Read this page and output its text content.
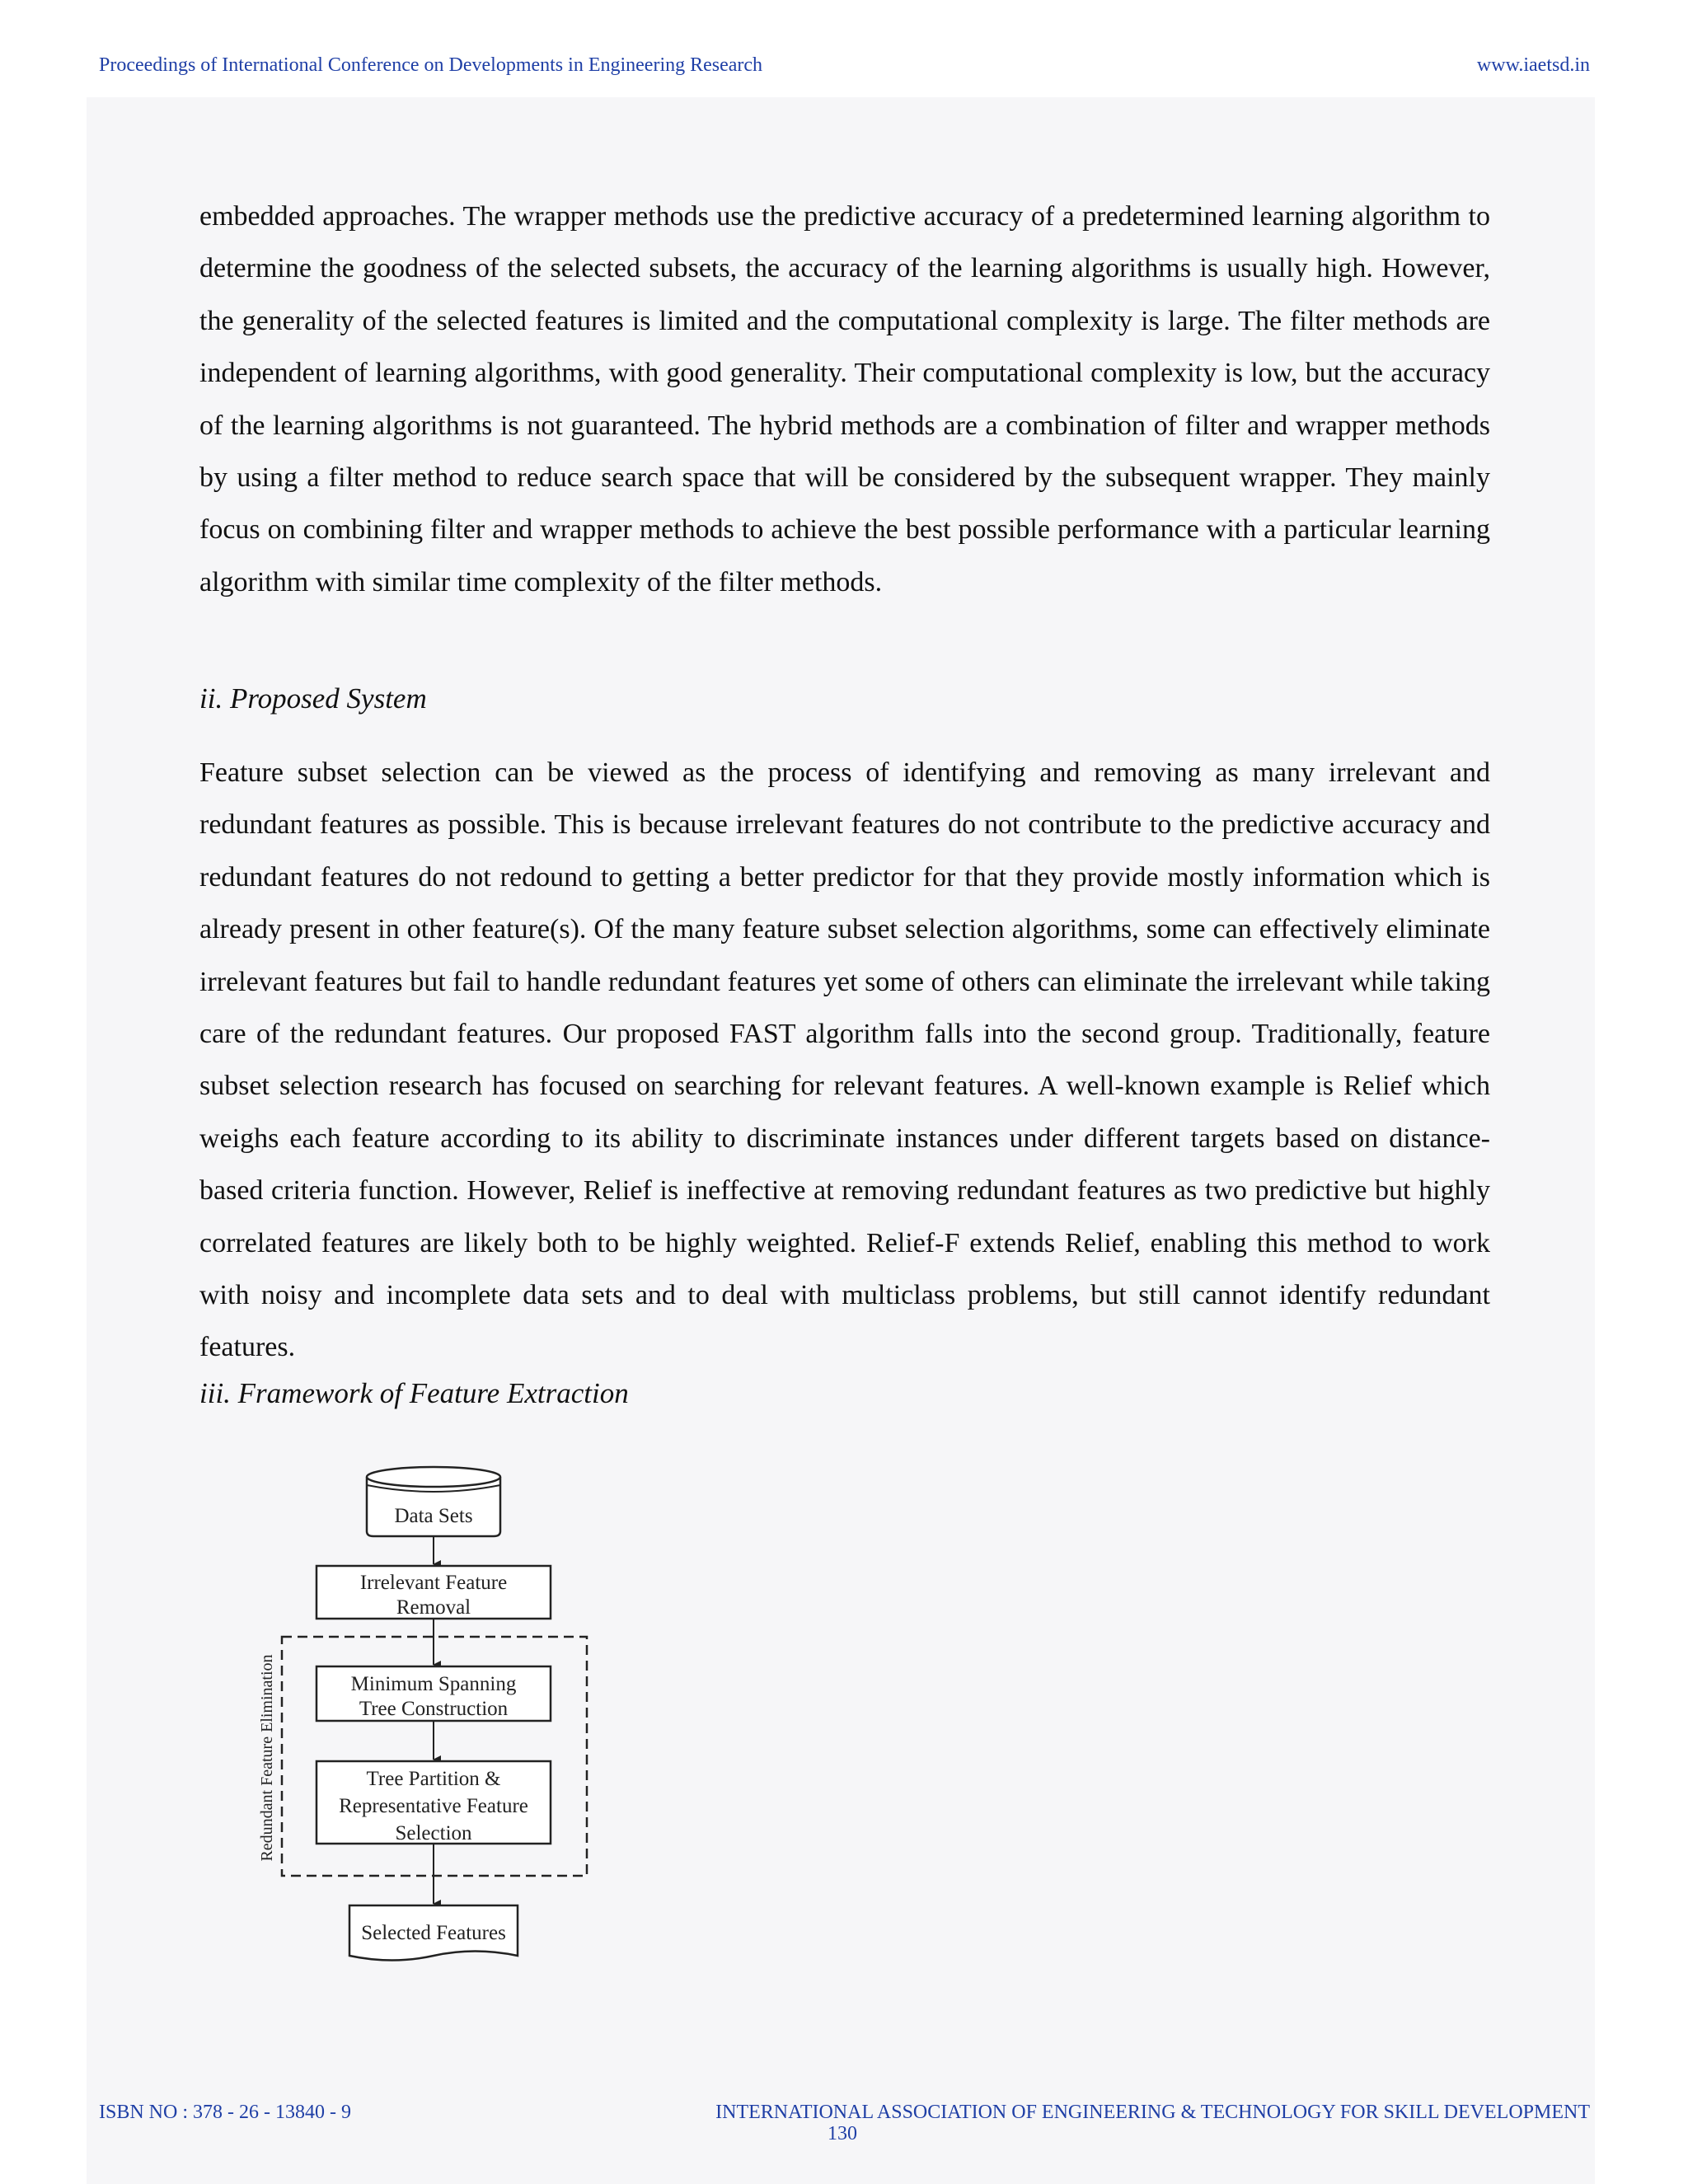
Proceedings of International Conference on Developments in Engineering Research	www.iaetsd.in

embedded approaches. The wrapper methods use the predictive accuracy of a predetermined learning algorithm to determine the goodness of the selected subsets, the accuracy of the learning algorithms is usually high. However, the generality of the selected features is limited and the computational complexity is large. The filter methods are independent of learning algorithms, with good generality. Their computational complexity is low, but the accuracy of the learning algorithms is not guaranteed. The hybrid methods are a combination of filter and wrapper methods by using a filter method to reduce search space that will be considered by the subsequent wrapper. They mainly focus on combining filter and wrapper methods to achieve the best possible performance with a particular learning algorithm with similar time complexity of the filter methods.

ii. Proposed System

Feature subset selection can be viewed as the process of identifying and removing as many irrelevant and redundant features as possible. This is because irrelevant features do not contribute to the predictive accuracy and redundant features do not redound to getting a better predictor for that they provide mostly information which is already present in other feature(s). Of the many feature subset selection algorithms, some can effectively eliminate irrelevant features but fail to handle redundant features yet some of others can eliminate the irrelevant while taking care of the redundant features. Our proposed FAST algorithm falls into the second group. Traditionally, feature subset selection research has focused on searching for relevant features. A well-known example is Relief which weighs each feature according to its ability to discriminate instances under different targets based on distance-based criteria function. However, Relief is ineffective at removing redundant features as two predictive but highly correlated features are likely both to be highly weighted. Relief-F extends Relief, enabling this method to work with noisy and incomplete data sets and to deal with multiclass problems, but still cannot identify redundant features.

iii. Framework of Feature Extraction
Data Sets
Irrelevant Feature
Removal
Redundant Feature Elimination	Minimum Spanning
Tree Construction
Tree Partition &
Representative Feature
Selection
Selected Features
ISBN NO : 378 - 26 - 13840 - 9	INTERNATIONAL ASSOCIATION OF ENGINEERING & TECHNOLOGY FOR SKILL DEVELOPMENT
130
